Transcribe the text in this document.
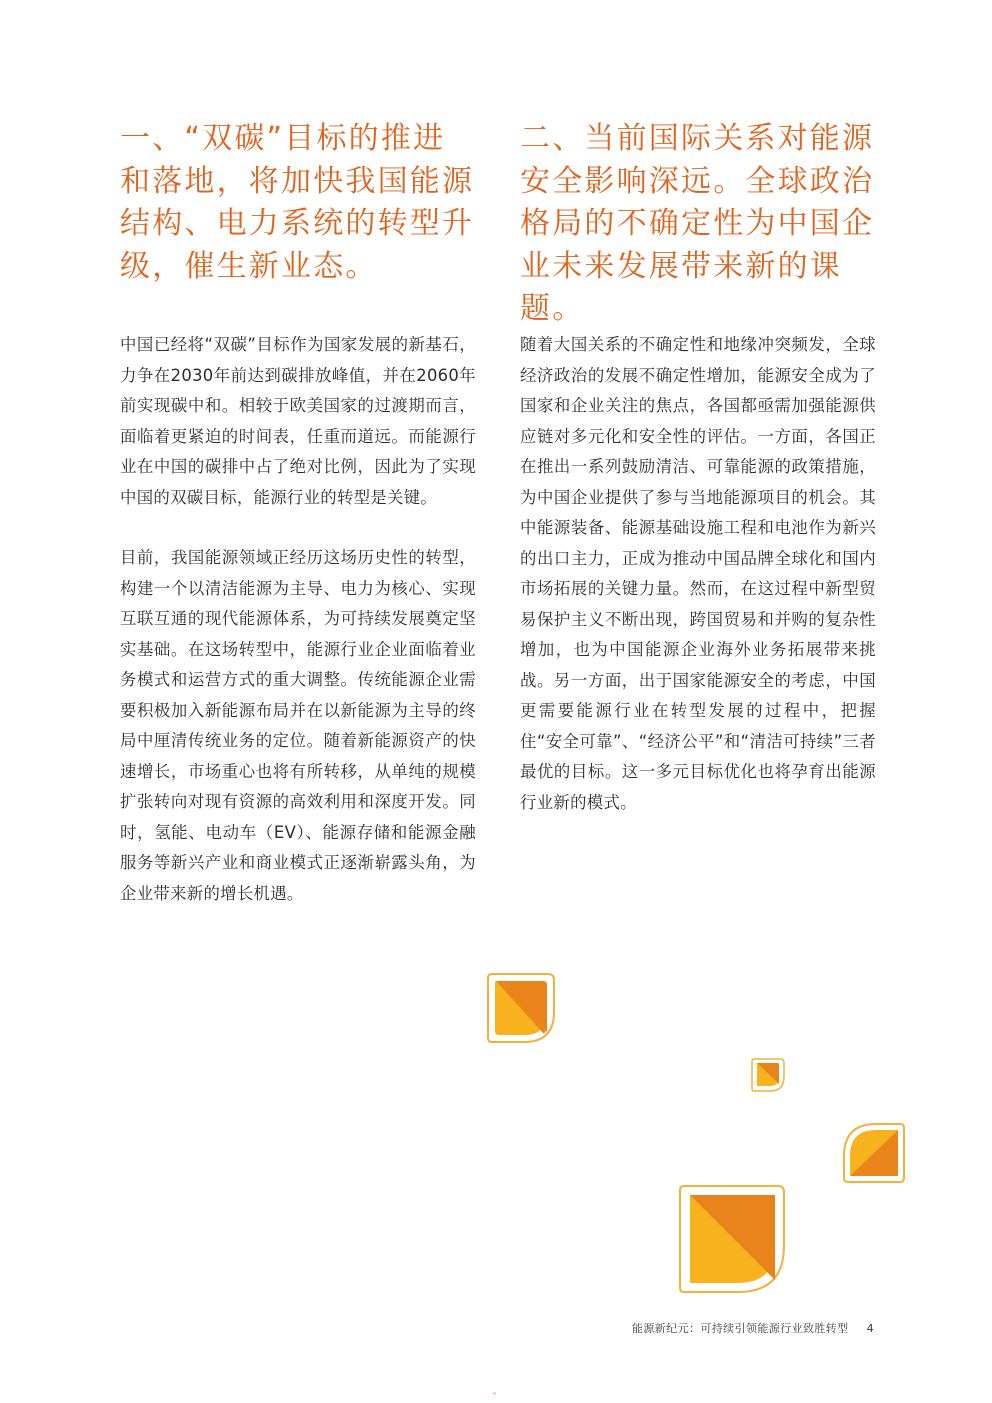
一、“双碳”目标的推进和落地，将加快我国能源结构、电力系统的转型升级，催生新业态。

中国已经将“双碳”目标作为国家发展的新基石，力争在2030年前达到碳排放峰值，并在2060年前实现碳中和。相较于欧美国家的过渡期而言，面临着更紧迫的时间表，任重而道远。而能源行业在中国的碳排中占了绝对比例，因此为了实现中国的双碳目标，能源行业的转型是关键。

目前，我国能源领域正经历这场历史性的转型，构建一个以清洁能源为主导、电力为核心、实现互联互通的现代能源体系，为可持续发展奠定坚实基础。在这场转型中，能源行业企业面临着业务模式和运营方式的重大调整。传统能源企业需要积极加入新能源布局并在以新能源为主导的终局中厘清传统业务的定位。随着新能源资产的快速增长，市场重心也将有所转移，从单纯的规模扩张转向对现有资源的高效利用和深度开发。同时，氢能、电动车（EV）、能源存储和能源金融服务等新兴产业和商业模式正逐渐崭露头角，为企业带来新的增长机遇。

二、当前国际关系对能源安全影响深远。全球政治格局的不确定性为中国企业未来发展带来新的课题。

随着大国关系的不确定性和地缘冲突频发，全球经济政治的发展不确定性增加，能源安全成为了国家和企业关注的焦点，各国都亟需加强能源供应链对多元化和安全性的评估。一方面，各国正在推出一系列鼓励清洁、可靠能源的政策措施，为中国企业提供了参与当地能源项目的机会。其中能源装备、能源基础设施工程和电池作为新兴的出口主力，正成为推动中国品牌全球化和国内市场拓展的关键力量。然而，在这过程中新型贸易保护主义不断出现，跨国贸易和并购的复杂性增加，也为中国能源企业海外业务拓展带来挑战。另一方面，出于国家能源安全的考虑，中国更需要能源行业在转型发展的过程中，把握住“安全可靠”、“经济公平”和“清洁可持续”三者最优的目标。这一多元目标优化也将孕育出能源行业新的模式。

能源新纪元：可持续引领能源行业致胜转型 4
